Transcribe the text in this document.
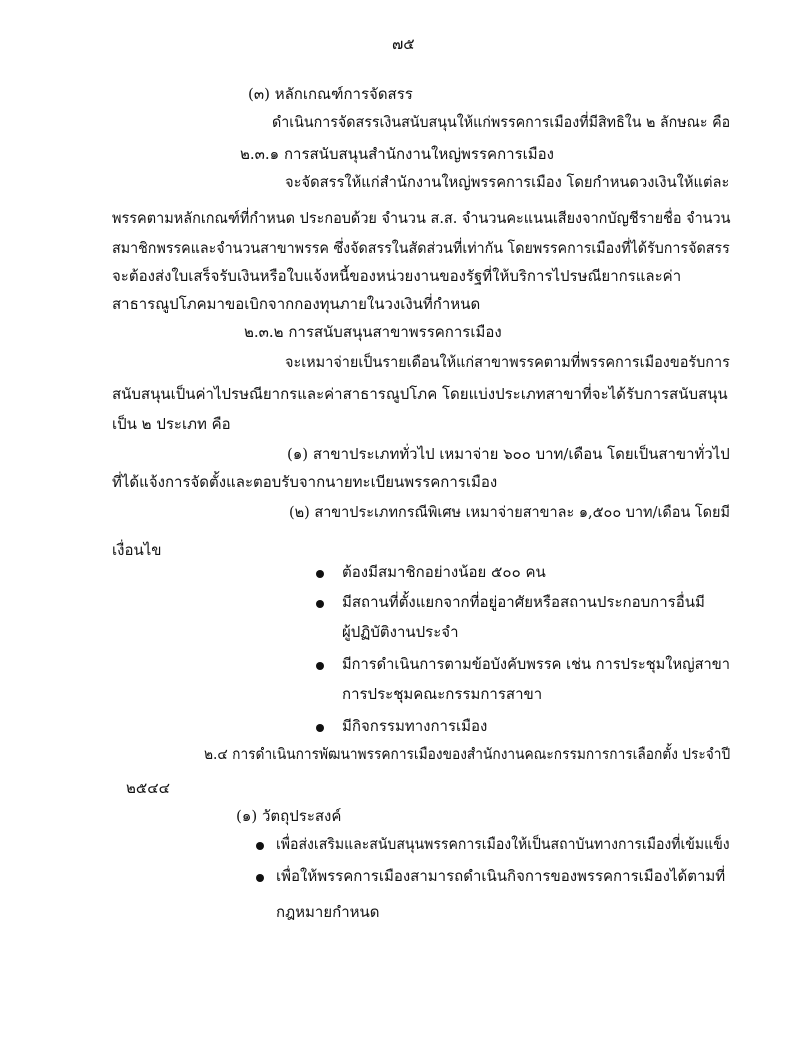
๗๕
(๓) หลักเกณฑ์การจัดสรร
ดำเนินการจัดสรรเงินสนับสนุนให้แก่พรรคการเมืองที่มีสิทธิใน ๒ ลักษณะ คือ
๒.๓.๑ การสนับสนุนสำนักงานใหญ่พรรคการเมือง
จะจัดสรรให้แก่สำนักงานใหญ่พรรคการเมือง โดยกำหนดวงเงินให้แต่ละ
พรรคตามหลักเกณฑ์ที่กำหนด ประกอบด้วย จำนวน ส.ส. จำนวนคะแนนเสียงจากบัญชีรายชื่อ จำนวน
สมาชิกพรรคและจำนวนสาขาพรรค ซึ่งจัดสรรในสัดส่วนที่เท่ากัน โดยพรรคการเมืองที่ได้รับการจัดสรร
จะต้องส่งใบเสร็จรับเงินหรือใบแจ้งหนี้ของหน่วยงานของรัฐที่ให้บริการไปรษณียากรและค่า
สาธารณูปโภคมาขอเบิกจากกองทุนภายในวงเงินที่กำหนด
๒.๓.๒ การสนับสนุนสาขาพรรคการเมือง
จะเหมาจ่ายเป็นรายเดือนให้แก่สาขาพรรคตามที่พรรคการเมืองขอรับการ
สนับสนุนเป็นค่าไปรษณียากรและค่าสาธารณูปโภค โดยแบ่งประเภทสาขาที่จะได้รับการสนับสนุน
เป็น ๒ ประเภท คือ
(๑) สาขาประเภททั่วไป เหมาจ่าย ๖๐๐ บาท/เดือน โดยเป็นสาขาทั่วไป
ที่ได้แจ้งการจัดตั้งและตอบรับจากนายทะเบียนพรรคการเมือง
(๒) สาขาประเภทกรณีพิเศษ เหมาจ่ายสาขาละ ๑,๕๐๐ บาท/เดือน โดยมี
เงื่อนไข
ต้องมีสมาชิกอย่างน้อย ๕๐๐ คน
มีสถานที่ตั้งแยกจากที่อยู่อาศัยหรือสถานประกอบการอื่นมี
ผู้ปฏิบัติงานประจำ
มีการดำเนินการตามข้อบังคับพรรค เช่น การประชุมใหญ่สาขา
การประชุมคณะกรรมการสาขา
มีกิจกรรมทางการเมือง
๒.๔ การดำเนินการพัฒนาพรรคการเมืองของสำนักงานคณะกรรมการการเลือกตั้ง ประจำปี
๒๕๔๔
(๑) วัตถุประสงค์
เพื่อส่งเสริมและสนับสนุนพรรคการเมืองให้เป็นสถาบันทางการเมืองที่เข้มแข็ง
เพื่อให้พรรคการเมืองสามารถดำเนินกิจการของพรรคการเมืองได้ตามที่
กฎหมายกำหนด
